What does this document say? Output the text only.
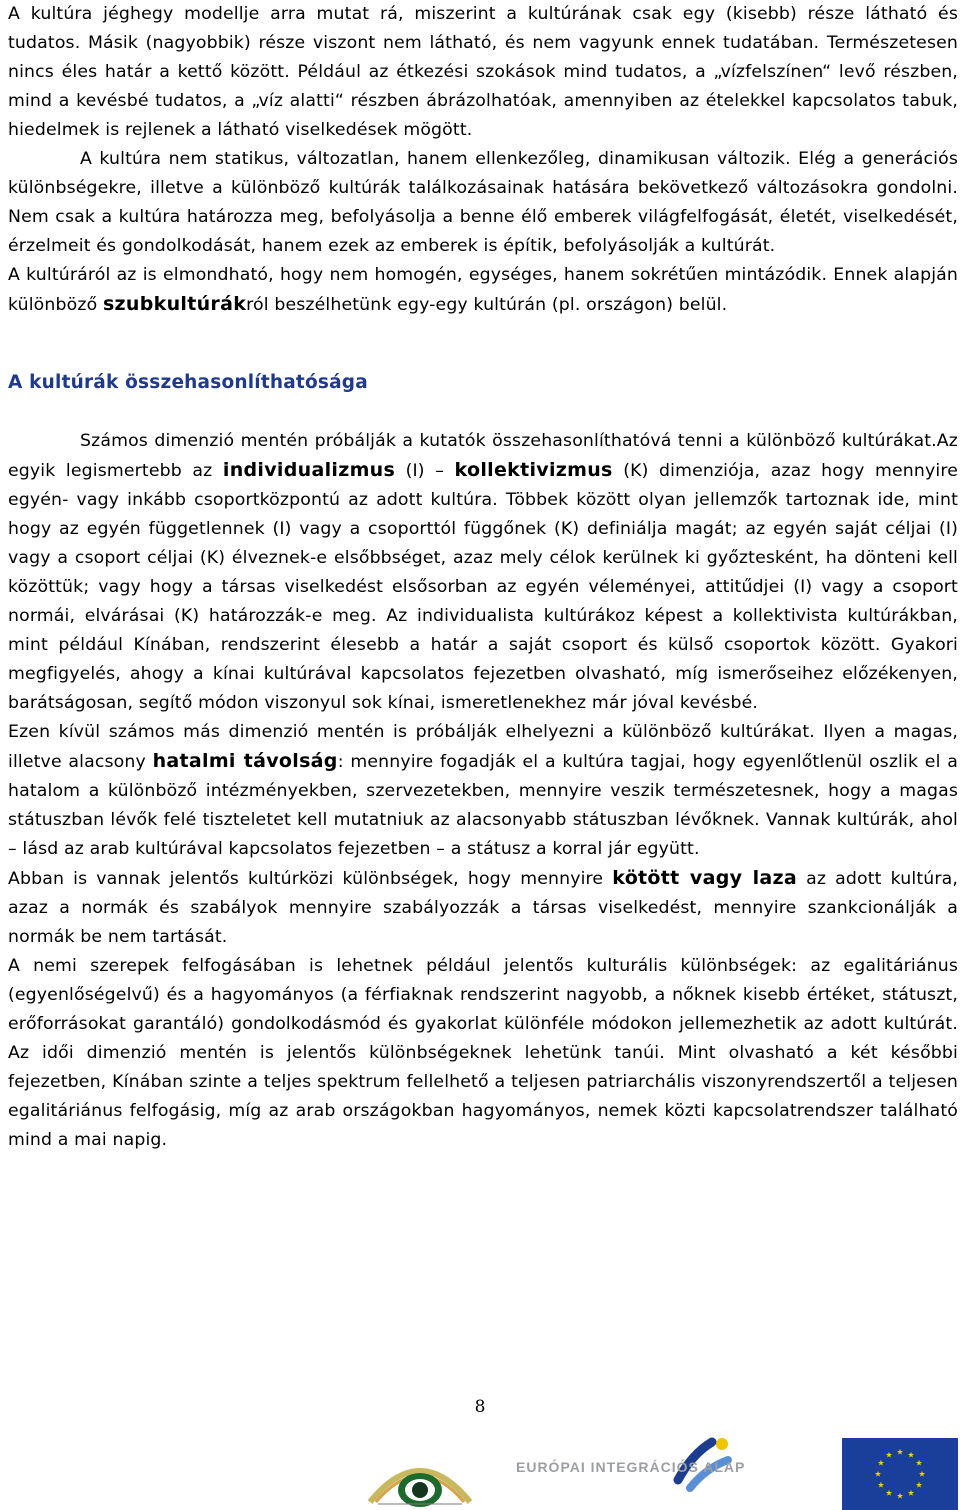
A kultúra jéghegy modellje arra mutat rá, miszerint a kultúrának csak egy (kisebb) része látható és tudatos. Másik (nagyobbik) része viszont nem látható, és nem vagyunk ennek tudatában. Természetesen nincs éles határ a kettő között. Például az étkezési szokások mind tudatos, a „vízfelszínen“ levő részben, mind a kevésbé tudatos, a „víz alatti“ részben ábrázolhatóak, amennyiben az ételekkel kapcsolatos tabuk, hiedelmek is rejlenek a látható viselkedések mögött.

A kultúra nem statikus, változatlan, hanem ellenkezőleg, dinamikusan változik. Elég a generációs különbségekre, illetve a különböző kultúrák találkozásainak hatására bekövetkező változásokra gondolni. Nem csak a kultúra határozza meg, befolyásolja a benne élő emberek világfelfogását, életét, viselkedését, érzelmeit és gondolkodását, hanem ezek az emberek is építik, befolyásolják a kultúrát.

A kultúráról az is elmondható, hogy nem homogén, egységes, hanem sokrétűen mintázódik. Ennek alapján különböző szubkultúrákról beszélhetünk egy-egy kultúrán (pl. országon) belül.

A kultúrák összehasonlíthatósága

Számos dimenzió mentén próbálják a kutatók összehasonlíthatóvá tenni a különböző kultúrákat.Az egyik legismertebb az individualizmus (I) – kollektivizmus (K) dimenziója, azaz hogy mennyire egyén- vagy inkább csoportközpontú az adott kultúra. Többek között olyan jellemzők tartoznak ide, mint hogy az egyén függetlennek (I) vagy a csoporttól függőnek (K) definiálja magát; az egyén saját céljai (I) vagy a csoport céljai (K) élveznek-e elsőbbséget, azaz mely célok kerülnek ki győztesként, ha dönteni kell közöttük; vagy hogy a társas viselkedést elsősorban az egyén véleményei, attitűdjei (I) vagy a csoport normái, elvárásai (K) határozzák-e meg. Az individualista kultúrákoz képest a kollektivista kultúrákban, mint például Kínában, rendszerint élesebb a határ a saját csoport és külső csoportok között. Gyakori megfigyelés, ahogy a kínai kultúrával kapcsolatos fejezetben olvasható, míg ismerőseihez előzékenyen, barátságosan, segítő módon viszonyul sok kínai, ismeretlenekhez már jóval kevésbé.

Ezen kívül számos más dimenzió mentén is próbálják elhelyezni a különböző kultúrákat. Ilyen a magas, illetve alacsony hatalmi távolság: mennyire fogadják el a kultúra tagjai, hogy egyenlőtlenül oszlik el a hatalom a különböző intézményekben, szervezetekben, mennyire veszik természetesnek, hogy a magas státuszban lévők felé tiszteletet kell mutatniuk az alacsonyabb státuszban lévőknek. Vannak kultúrák, ahol – lásd az arab kultúrával kapcsolatos fejezetben – a státusz a korral jár együtt.

Abban is vannak jelentős kultúrközi különbségek, hogy mennyire kötött vagy laza az adott kultúra, azaz a normák és szabályok mennyire szabályozzák a társas viselkedést, mennyire szankcionálják a normák be nem tartását.

A nemi szerepek felfogásában is lehetnek például jelentős kulturális különbségek: az egalitáriánus (egyenlőségelvű) és a hagyományos (a férfiaknak rendszerint nagyobb, a nőknek kisebb értéket, státuszt, erőforrásokat garantáló) gondolkodásmód és gyakorlat különféle módokon jellemezhetik az adott kultúrát. Az idői dimenzió mentén is jelentős különbségeknek lehetünk tanúi. Mint olvasható a két későbbi fejezetben, Kínában szinte a teljes spektrum fellelhető a teljesen patriarchális viszonyrendszertől a teljesen egalitáriánus felfogásig, míg az arab országokban hagyományos, nemek közti kapcsolatrendszer található mind a mai napig.

8
EURÓPAI INTEGRÁCIÓS ALAP
